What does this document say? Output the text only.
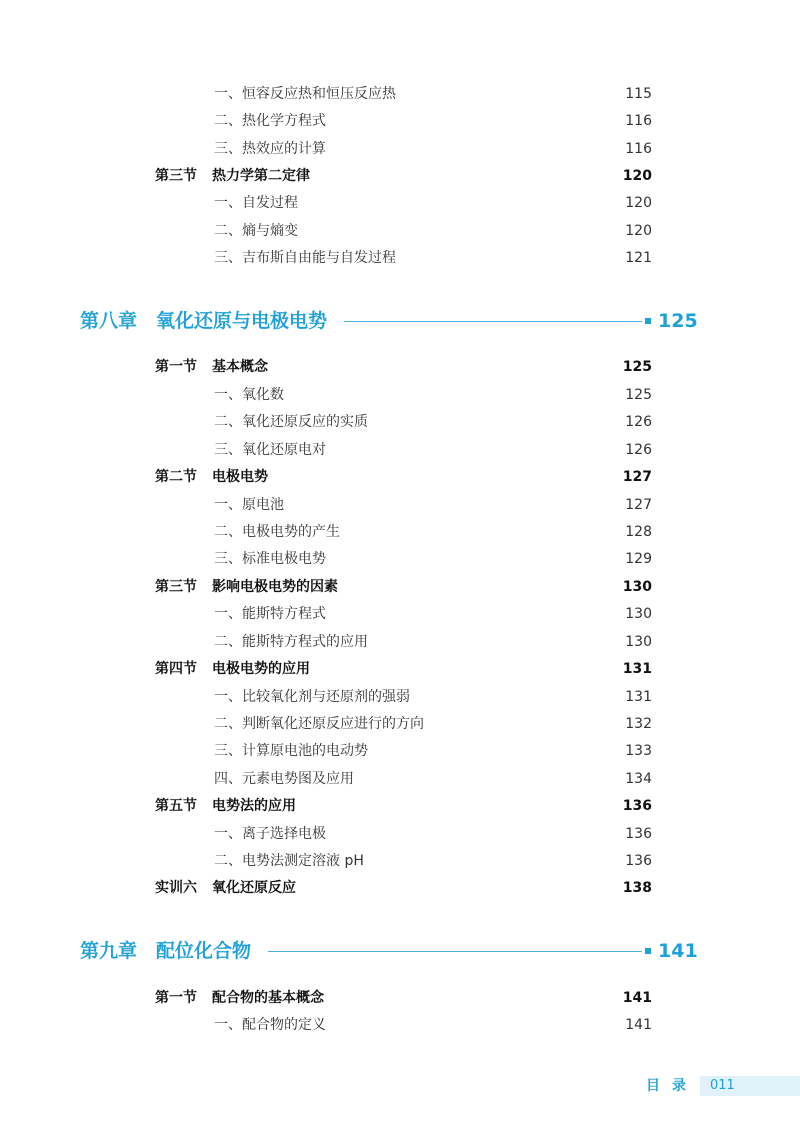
一、恒容反应热和恒压反应热	115
二、热化学方程式	116
三、热效应的计算	116
第三节 热力学第二定律	120
一、自发过程	120
二、熵与熵变	120
三、吉布斯自由能与自发过程	121
第八章 氧化还原与电极电势	125
第一节 基本概念	125
一、氧化数	125
二、氧化还原反应的实质	126
三、氧化还原电对	126
第二节 电极电势	127
一、原电池	127
二、电极电势的产生	128
三、标准电极电势	129
第三节 影响电极电势的因素	130
一、能斯特方程式	130
二、能斯特方程式的应用	130
第四节 电极电势的应用	131
一、比较氧化剂与还原剂的强弱	131
二、判断氧化还原反应进行的方向	132
三、计算原电池的电动势	133
四、元素电势图及应用	134
第五节 电势法的应用	136
一、离子选择电极	136
二、电势法测定溶液 pH	136
实训六 氧化还原反应	138
第九章 配位化合物	141
第一节 配合物的基本概念	141
一、配合物的定义	141
目录 011
